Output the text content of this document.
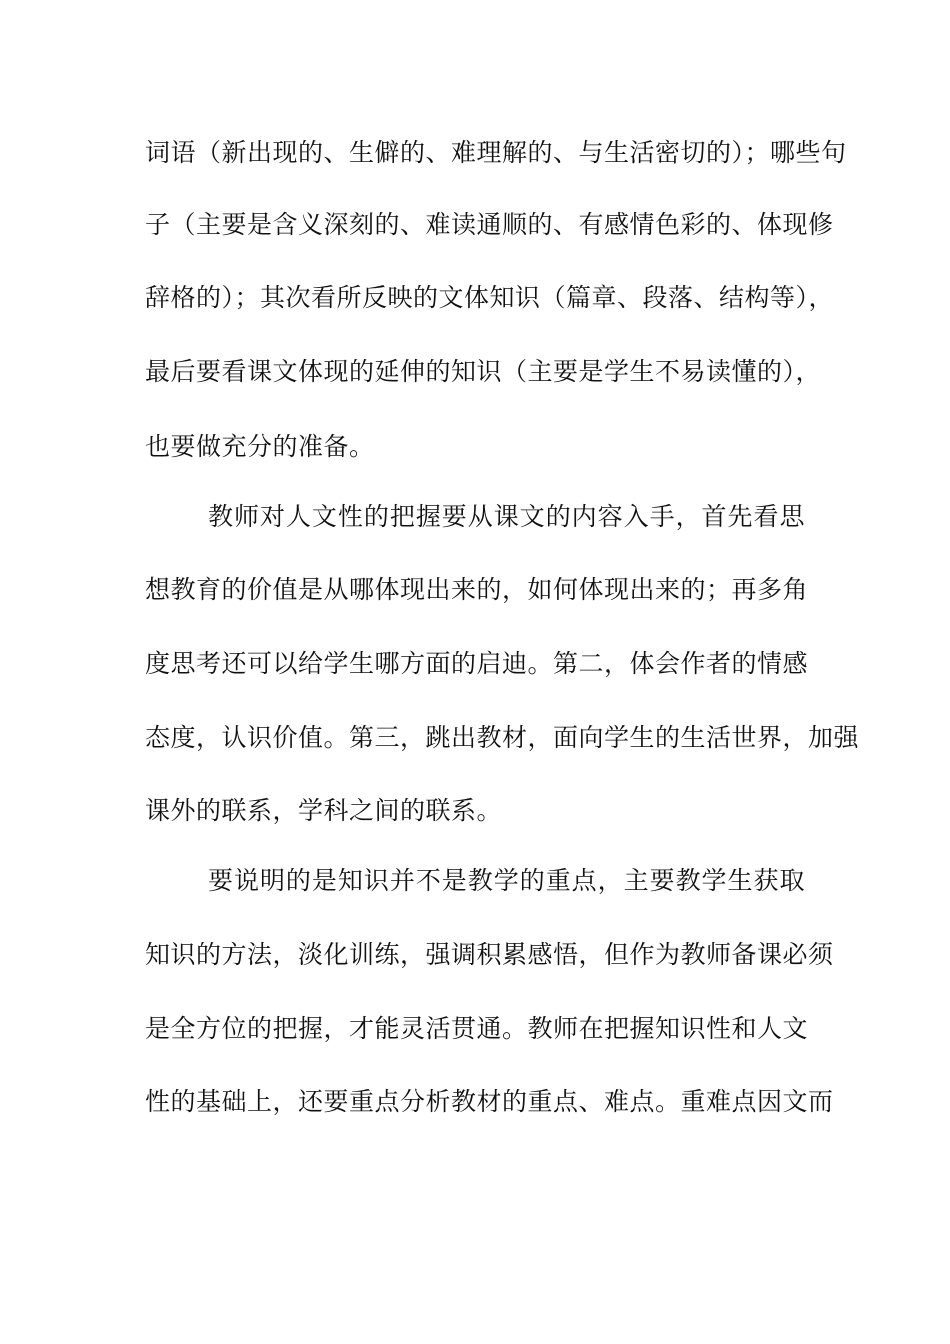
词语（新出现的、生僻的、难理解的、与生活密切的）；哪些句
子（主要是含义深刻的、难读通顺的、有感情色彩的、体现修
辞格的）；其次看所反映的文体知识（篇章、段落、结构等），
最后要看课文体现的延伸的知识（主要是学生不易读懂的），
也要做充分的准备。
教师对人文性的把握要从课文的内容入手，首先看思
想教育的价值是从哪体现出来的，如何体现出来的；再多角
度思考还可以给学生哪方面的启迪。第二，体会作者的情感
态度，认识价值。第三，跳出教材，面向学生的生活世界，加强
课外的联系，学科之间的联系。
要说明的是知识并不是教学的重点，主要教学生获取
知识的方法，淡化训练，强调积累感悟，但作为教师备课必须
是全方位的把握，才能灵活贯通。教师在把握知识性和人文
性的基础上，还要重点分析教材的重点、难点。重难点因文而
